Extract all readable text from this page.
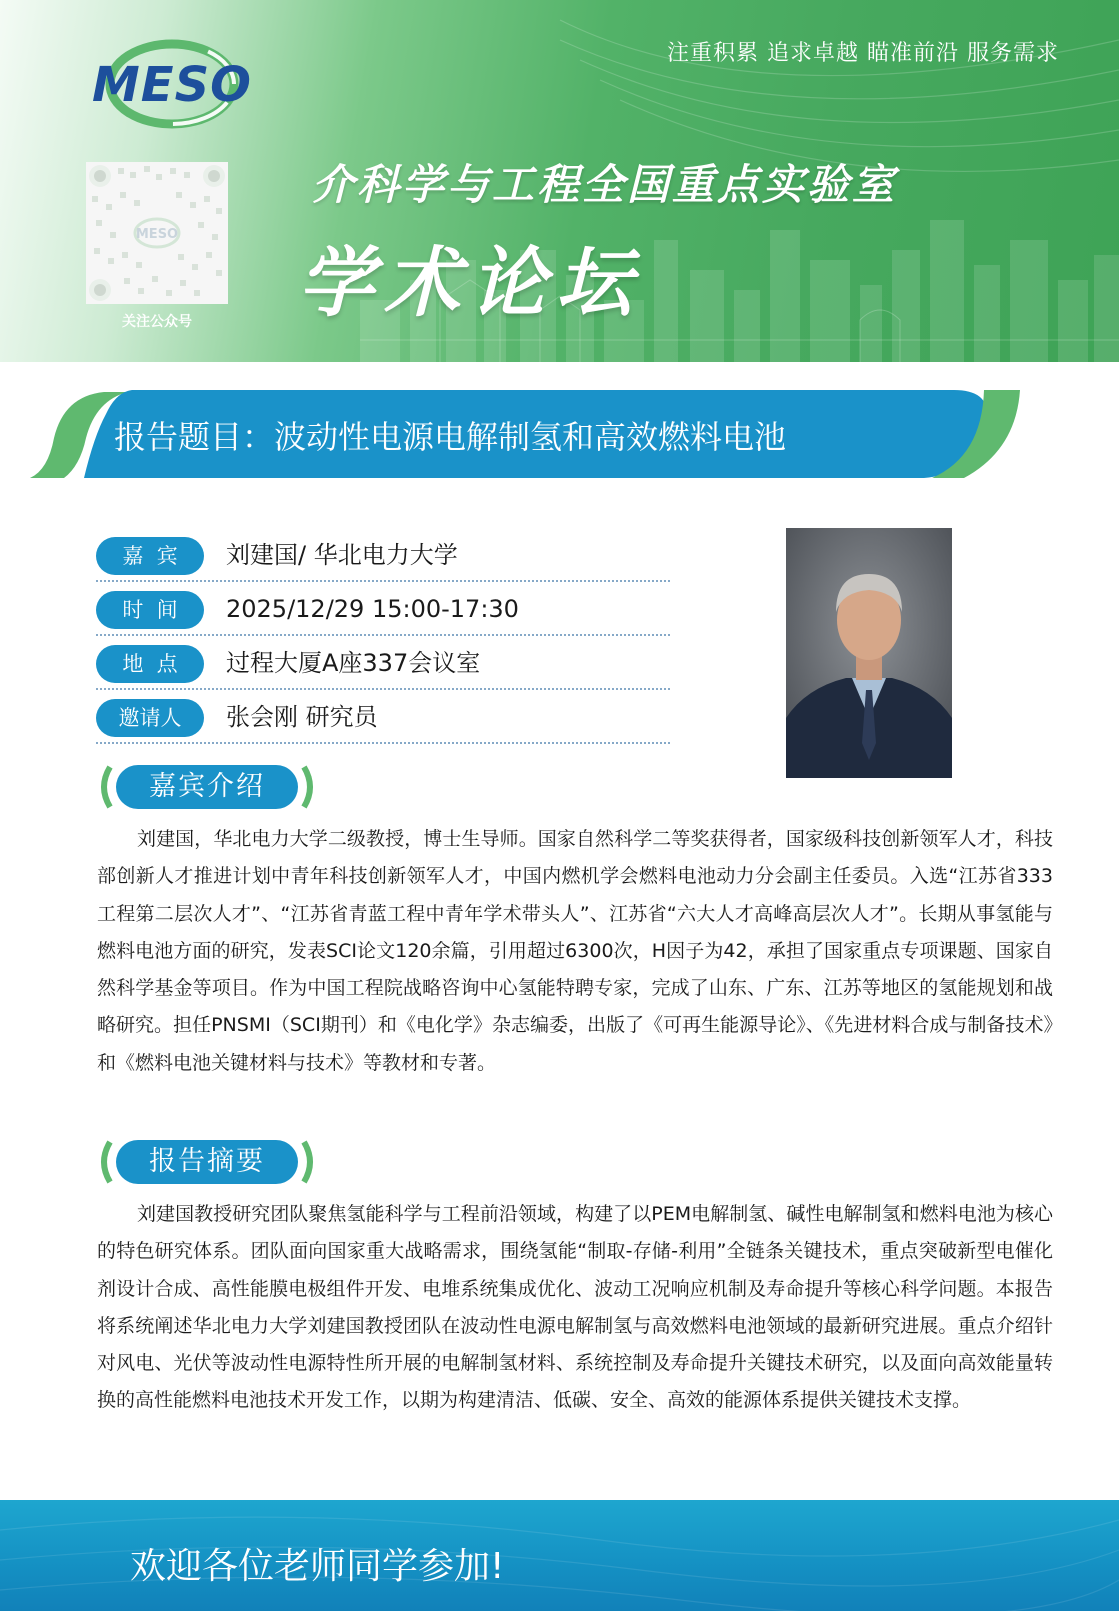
注重积累 追求卓越 瞄准前沿 服务需求
MESO
MESO
关注公众号
介科学与工程全国重点实验室
学术论坛
报告题目：波动性电源电解制氢和高效燃料电池
嘉  宾	刘建国/ 华北电力大学
时  间	2025/12/29 15:00-17:30
地  点	过程大厦A座337会议室
邀请人	张会刚 研究员
嘉宾介绍

刘建国，华北电力大学二级教授，博士生导师。国家自然科学二等奖获得者，国家级科技创新领军人才，科技部创新人才推进计划中青年科技创新领军人才，中国内燃机学会燃料电池动力分会副主任委员。入选“江苏省333工程第二层次人才”、“江苏省青蓝工程中青年学术带头人”、江苏省“六大人才高峰高层次人才”。长期从事氢能与燃料电池方面的研究，发表SCI论文120余篇，引用超过6300次，H因子为42，承担了国家重点专项课题、国家自然科学基金等项目。作为中国工程院战略咨询中心氢能特聘专家，完成了山东、广东、江苏等地区的氢能规划和战略研究。担任PNSMI（SCI期刊）和《电化学》杂志编委，出版了《可再生能源导论》、《先进材料合成与制备技术》和《燃料电池关键材料与技术》等教材和专著。

报告摘要

刘建国教授研究团队聚焦氢能科学与工程前沿领域，构建了以PEM电解制氢、碱性电解制氢和燃料电池为核心的特色研究体系。团队面向国家重大战略需求，围绕氢能“制取-存储-利用”全链条关键技术，重点突破新型电催化剂设计合成、高性能膜电极组件开发、电堆系统集成优化、波动工况响应机制及寿命提升等核心科学问题。本报告将系统阐述华北电力大学刘建国教授团队在波动性电源电解制氢与高效燃料电池领域的最新研究进展。重点介绍针对风电、光伏等波动性电源特性所开展的电解制氢材料、系统控制及寿命提升关键技术研究，以及面向高效能量转换的高性能燃料电池技术开发工作，以期为构建清洁、低碳、安全、高效的能源体系提供关键技术支撑。

欢迎各位老师同学参加!
